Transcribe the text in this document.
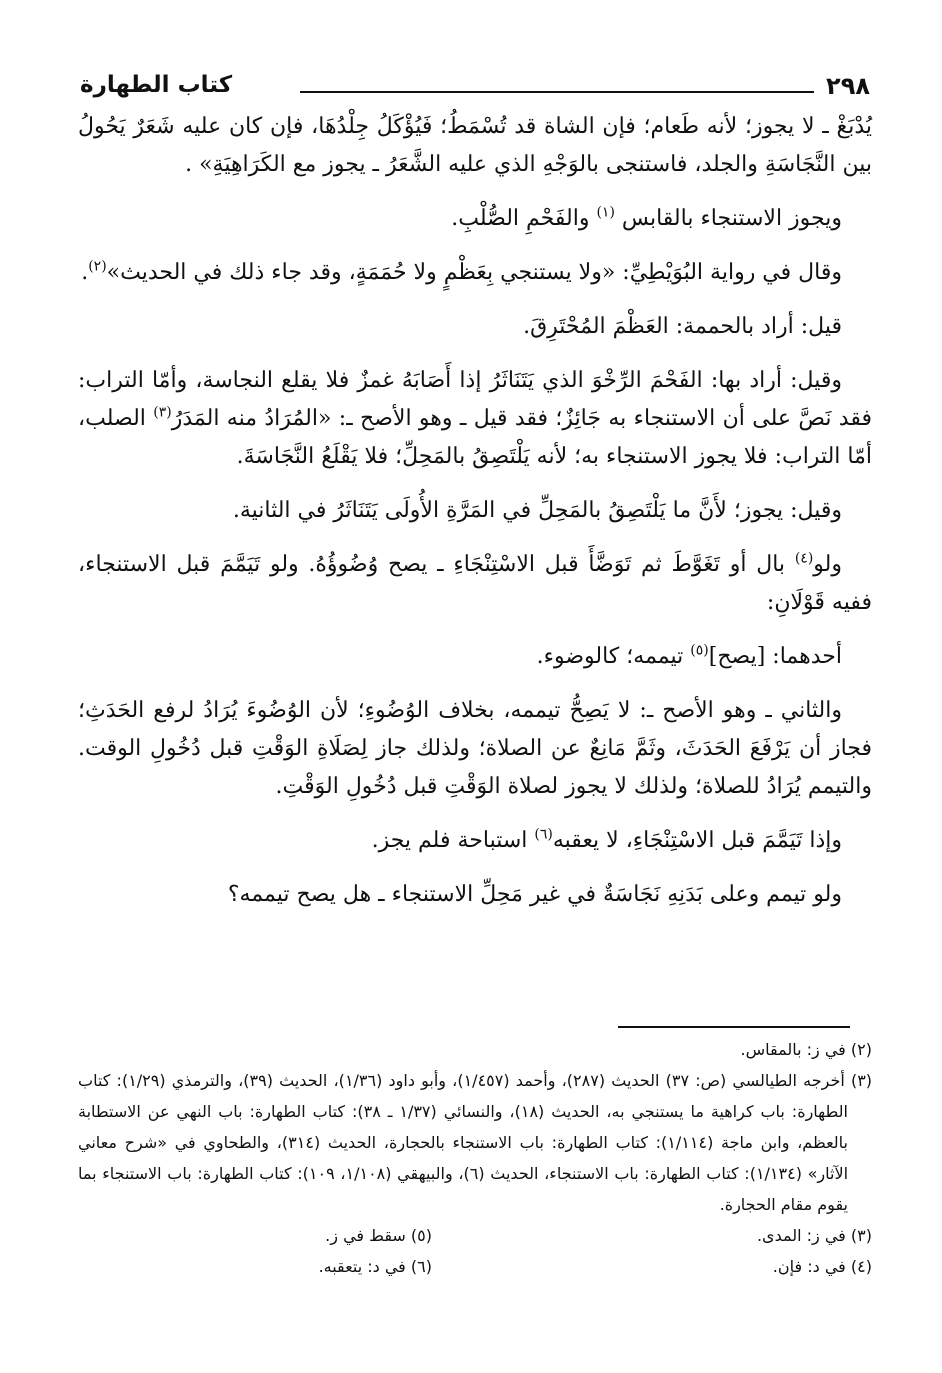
٢٩٨
كتاب الطهارة

يُدْبَغْ ـ لا يجوز؛ لأنه طَعام؛ فإن الشاة قد تُسْمَطُ؛ فَيُؤْكَلُ جِلْدُهَا، فإن كان عليه شَعَرٌ يَحُولُ بين النَّجَاسَةِ والجلد، فاستنجى بالوَجْهِ الذي عليه الشَّعَرُ ـ يجوز مع الكَرَاهِيَةِ» .

ويجوز الاستنجاء بالقابس $^{(١)}$ والفَحْمِ الصُّلْبِ.

وقال في رواية البُوَيْطِيِّ: «ولا يستنجي بِعَظْمٍ ولا حُمَمَةٍ، وقد جاء ذلك في الحديث»$^{(٢)}$.

قيل: أراد بالحممة: العَظْمَ المُحْتَرِقَ.

وقيل: أراد بها: الفَحْمَ الرِّخْوَ الذي يَتَنَاثَرُ إذا أَصَابَهُ غمزٌ فلا يقلع النجاسة، وأمّا التراب: فقد نَصَّ على أن الاستنجاء به جَائِزٌ؛ فقد قيل ـ وهو الأصح ـ: «المُرَادُ منه المَدَرُ$^{(٣)}$ الصلب، أمّا التراب: فلا يجوز الاستنجاء به؛ لأنه يَلْتَصِقُ بالمَحِلِّ؛ فلا يَقْلَعُ النَّجَاسَةَ.

وقيل: يجوز؛ لأَنَّ ما يَلْتَصِقُ بالمَحِلِّ في المَرَّةِ الأُولَى يَتَنَاثَرُ في الثانية.

ولو$^{(٤)}$ بال أو تَغَوَّطَ ثم تَوَضَّأَ قبل الاسْتِنْجَاءِ ـ يصح وُضُوؤُهُ. ولو تَيَمَّمَ قبل الاستنجاء، ففيه قَوْلَانِ:

أحدهما: [يصح]$^{(٥)}$ تيممه؛ كالوضوء.

والثاني ـ وهو الأصح ـ: لا يَصِحُّ تيممه، بخلاف الوُضُوءِ؛ لأن الوُضُوءَ يُرَادُ لرفع الحَدَثِ؛ فجاز أن يَرْفَعَ الحَدَثَ، وثَمَّ مَانِعٌ عن الصلاة؛ ولذلك جاز لِصَلَاةِ الوَقْتِ قبل دُخُولِ الوقت. والتيمم يُرَادُ للصلاة؛ ولذلك لا يجوز لصلاة الوَقْتِ قبل دُخُولِ الوَقْتِ.

وإذا تَيَمَّمَ قبل الاسْتِنْجَاءِ، لا يعقبه$^{(٦)}$ استباحة فلم يجز.

ولو تيمم وعلى بَدَنِهِ نَجَاسَةٌ في غير مَحِلِّ الاستنجاء ـ هل يصح تيممه؟

(٢) في ز: بالمقاس.

(٣) أخرجه الطيالسي (ص: ٣٧) الحديث (٢٨٧)، وأحمد (١/٤٥٧)، وأبو داود (١/٣٦)، الحديث (٣٩)، والترمذي (١/٢٩): كتاب الطهارة: باب كراهية ما يستنجي به، الحديث (١٨)، والنسائي (١/٣٧ ـ ٣٨): كتاب الطهارة: باب النهي عن الاستطابة بالعظم، وابن ماجة (١/١١٤): كتاب الطهارة: باب الاستنجاء بالحجارة، الحديث (٣١٤)، والطحاوي في «شرح معاني الآثار» (١/١٣٤): كتاب الطهارة: باب الاستنجاء، الحديث (٦)، والبيهقي (١/١٠٨، ١٠٩): كتاب الطهارة: باب الاستنجاء بما يقوم مقام الحجارة.

(٣) في ز: المدى.

(٥) سقط في ز.

(٤) في د: فإن.

(٦) في د: يتعقبه.
